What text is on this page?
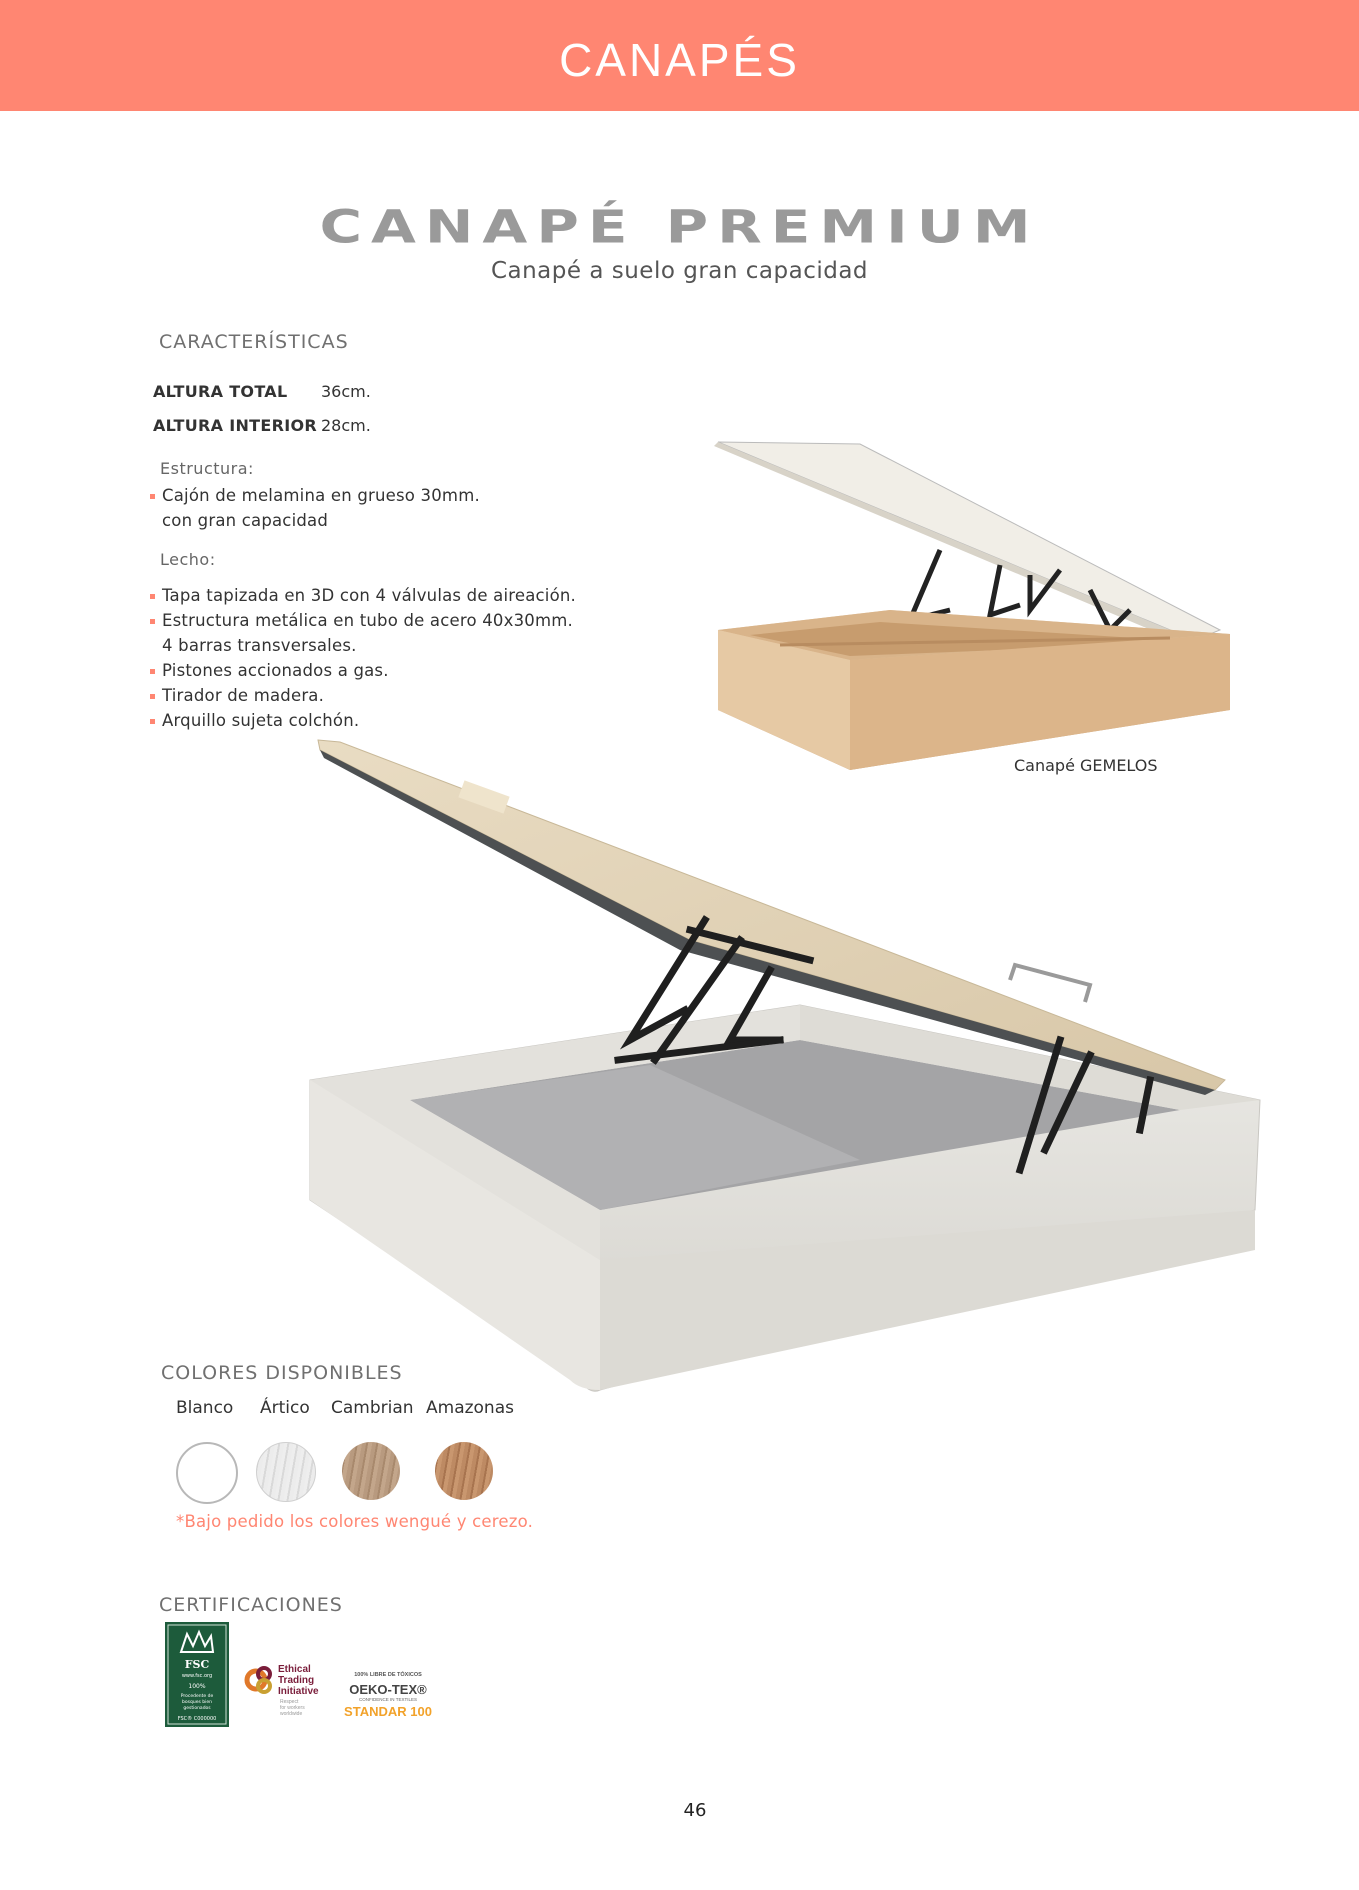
CANAPÉS
CANAPÉ PREMIUM
Canapé a suelo gran capacidad
CARACTERÍSTICAS
ALTURA TOTAL 36cm.
ALTURA INTERIOR 28cm.
Estructura:
Cajón de melamina en grueso 30mm.
con gran capacidad
Lecho:
Tapa tapizada en 3D con 4 válvulas de aireación.
Estructura metálica en tubo de acero 40x30mm.
4 barras transversales.
Pistones accionados a gas.
Tirador de madera.
Arquillo sujeta colchón.
Canapé GEMELOS
COLORES DISPONIBLES
Blanco Ártico Cambrian Amazonas
*Bajo pedido los colores wengué y cerezo.
CERTIFICACIONES
FSC
www.fsc.org
100%
Procedente de
bosques bien
gestionados
FSC® C000000
Ethical
Trading
Initiative
Respect
for workers
worldwide
100% LIBRE DE TÓXICOS
OEKO-TEX®
CONFIDENCE IN TEXTILES
STANDAR 100
46
